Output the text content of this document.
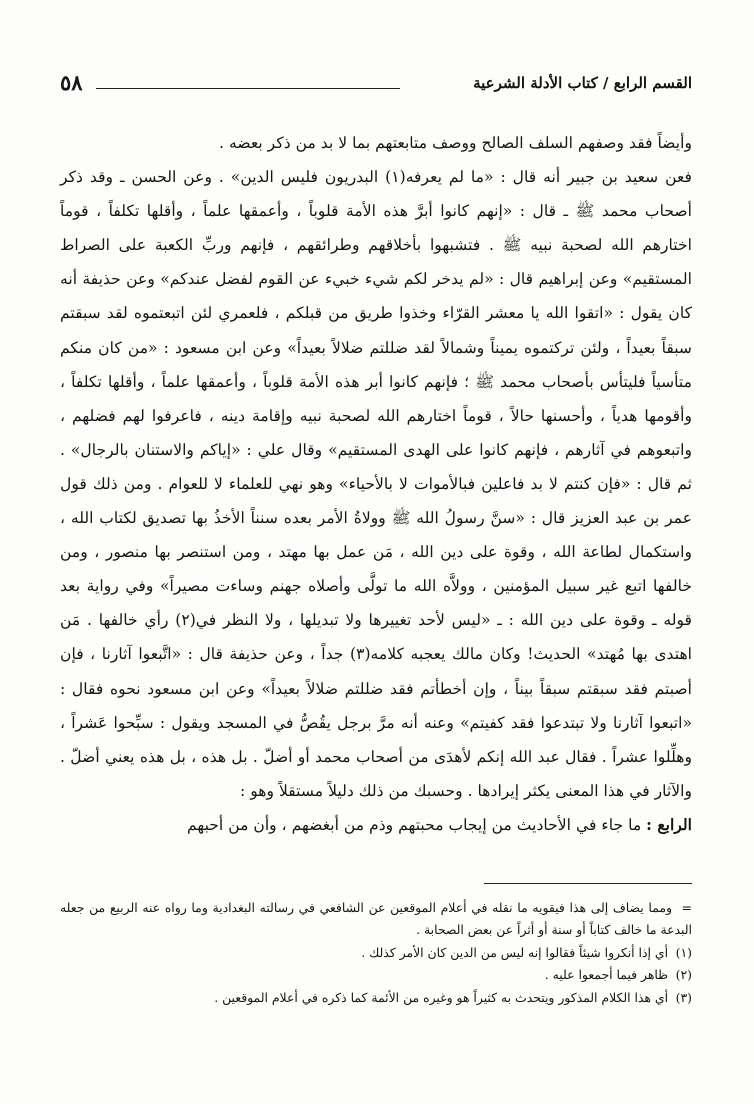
٥٨	القسم الرابع / كتاب الأدلة الشرعية

وأيضاً فقد وصفهم السلف الصالح ووصف متابعتهم بما لا بد من ذكر بعضه .

فعن سعيد بن جبير أنه قال : «ما لم يعرفه(١) البدريون فليس الدين» . وعن الحسن ـ وقد ذكر أصحاب محمد ﷺ ـ قال : «إنهم كانوا أبرَّ هذه الأمة قلوباً ، وأعمقها علماً ، وأقلها تكلفاً ، قوماً اختارهم الله لصحبة نبيه ﷺ . فتشبهوا بأخلاقهم وطرائقهم ، فإنهم وربِّ الكعبة على الصراط المستقيم» وعن إبراهيم قال : «لم يدخر لكم شيء خبيء عن القوم لفضل عندكم» وعن حذيفة أنه كان يقول : «اتقوا الله يا معشر القرّاء وخذوا طريق من قبلكم ، فلعمري لئن اتبعتموه لقد سبقتم سبقاً بعيداً ، ولئن تركتموه يميناً وشمالاً لقد ضللتم ضلالاً بعيداً» وعن ابن مسعود : «من كان منكم متأسياً فليتأس بأصحاب محمد ﷺ ؛ فإنهم كانوا أبر هذه الأمة قلوباً ، وأعمقها علماً ، وأقلها تكلفاً ، وأقومها هدياً ، وأحسنها حالاً ، قوماً اختارهم الله لصحبة نبيه وإقامة دينه ، فاعرفوا لهم فضلهم ، واتبعوهم في آثارهم ، فإنهم كانوا على الهدى المستقيم» وقال علي : «إياكم والاستنان بالرجال» . ثم قال : «فإن كنتم لا بد فاعلين فبالأموات لا بالأحياء» وهو نهي للعلماء لا للعوام . ومن ذلك قول عمر بن عبد العزيز قال : «سنَّ رسولُ الله ﷺ وولاةُ الأمر بعده سنناً الأخذُ بها تصديق لكتاب الله ، واستكمال لطاعة الله ، وقوة على دين الله ، مَن عمل بها مهتد ، ومن استنصر بها منصور ، ومن خالفها اتبع غير سبيل المؤمنين ، وولاَّه الله ما تولَّى وأصلاه جهنم وساءت مصيراً» وفي رواية بعد قوله ـ وقوة على دين الله : ـ «ليس لأحد تغييرها ولا تبديلها ، ولا النظر في(٢) رأي خالفها . مَن اهتدى بها مُهتد» الحديث! وكان مالك يعجبه كلامه(٣) جداً ، وعن حذيفة قال : «اتَّبعوا آثارنا ، فإن أصبتم فقد سبقتم سبقاً بيناً ، وإن أخطأتم فقد ضللتم ضلالاً بعيداً» وعن ابن مسعود نحوه فقال : «اتبعوا آثارنا ولا تبتدعوا فقد كفيتم» وعنه أنه مرَّ برجل يقُصُّ في المسجد ويقول : سبِّحوا عَشراً ، وهلِّلوا عشراً . فقال عبد الله إنكم لأهدَى من أصحاب محمد أو أضلّ . بل هذه ، بل هذه يعني أضلّ . والآثار في هذا المعنى يكثر إيرادها . وحسبك من ذلك دليلاً مستقلاً وهو :

الرابع : ما جاء في الأحاديث من إيجاب محبتهم وذم من أبغضهم ، وأن من أحبهم

=ومما يضاف إلى هذا فيقويه ما نقله في أعلام الموقعين عن الشافعي في رسالته البغدادية وما رواه عنه الربيع من جعله البدعة ما خالف كتاباً أو سنة أو أثراً عن بعض الصحابة .

(١) أي إذا أنكروا شيئاً فقالوا إنه ليس من الدين كان الأمر كذلك .

(٢) ظاهر فيما أجمعوا عليه .

(٣) أي هذا الكلام المذكور ويتحدث به كثيراً هو وغيره من الأئمة كما ذكره في أعلام الموقعين .
